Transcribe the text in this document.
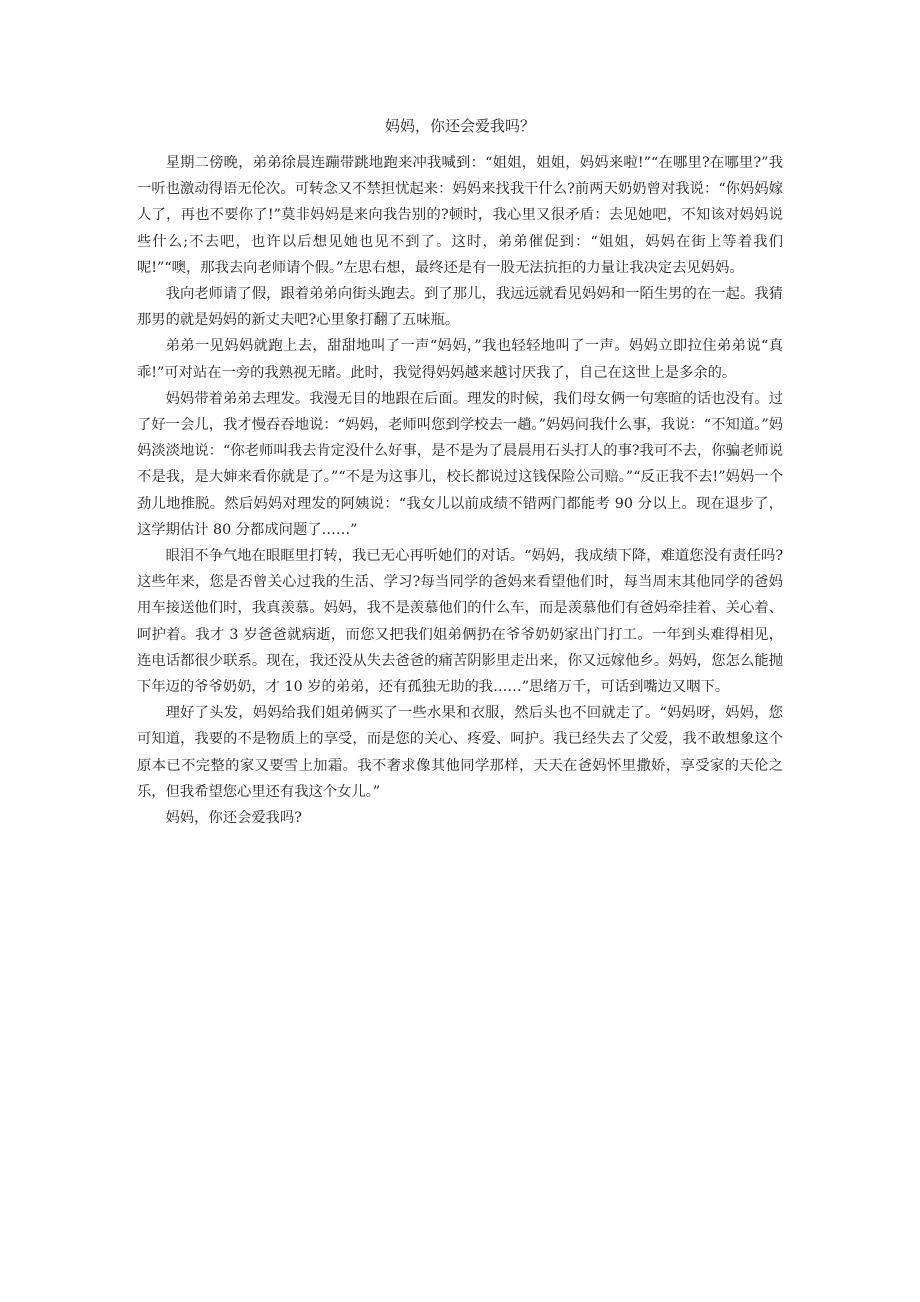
妈妈，你还会爱我吗？

星期二傍晚，弟弟徐晨连蹦带跳地跑来冲我喊到：“姐姐，姐姐，妈妈来啦!”“在哪里?在哪里?”我一听也激动得语无伦次。可转念又不禁担忧起来：妈妈来找我干什么?前两天奶奶曾对我说：“你妈妈嫁人了，再也不要你了!”莫非妈妈是来向我告别的?顿时，我心里又很矛盾：去见她吧，不知该对妈妈说些什么;不去吧，也许以后想见她也见不到了。这时，弟弟催促到：“姐姐，妈妈在街上等着我们呢!”“噢，那我去向老师请个假。”左思右想，最终还是有一股无法抗拒的力量让我决定去见妈妈。

我向老师请了假，跟着弟弟向街头跑去。到了那儿，我远远就看见妈妈和一陌生男的在一起。我猜那男的就是妈妈的新丈夫吧?心里象打翻了五味瓶。

弟弟一见妈妈就跑上去，甜甜地叫了一声“妈妈，”我也轻轻地叫了一声。妈妈立即拉住弟弟说“真乖!”可对站在一旁的我熟视无睹。此时，我觉得妈妈越来越讨厌我了，自己在这世上是多余的。

妈妈带着弟弟去理发。我漫无目的地跟在后面。理发的时候，我们母女俩一句寒暄的话也没有。过了好一会儿，我才慢吞吞地说：“妈妈，老师叫您到学校去一趟。”妈妈问我什么事，我说：“不知道。”妈妈淡淡地说：“你老师叫我去肯定没什么好事，是不是为了晨晨用石头打人的事?我可不去，你骗老师说不是我，是大婶来看你就是了。”“不是为这事儿，校长都说过这钱保险公司赔。”“反正我不去!”妈妈一个劲儿地推脱。然后妈妈对理发的阿姨说：“我女儿以前成绩不错两门都能考 90 分以上。现在退步了，这学期估计 80 分都成问题了……”

眼泪不争气地在眼眶里打转，我已无心再听她们的对话。“妈妈，我成绩下降，难道您没有责任吗?这些年来，您是否曾关心过我的生活、学习?每当同学的爸妈来看望他们时，每当周末其他同学的爸妈用车接送他们时，我真羡慕。妈妈，我不是羡慕他们的什么车，而是羡慕他们有爸妈牵挂着、关心着、呵护着。我才 3 岁爸爸就病逝，而您又把我们姐弟俩扔在爷爷奶奶家出门打工。一年到头难得相见，连电话都很少联系。现在，我还没从失去爸爸的痛苦阴影里走出来，你又远嫁他乡。妈妈，您怎么能抛下年迈的爷爷奶奶，才 10 岁的弟弟，还有孤独无助的我……”思绪万千，可话到嘴边又咽下。

理好了头发，妈妈给我们姐弟俩买了一些水果和衣服，然后头也不回就走了。“妈妈呀，妈妈，您可知道，我要的不是物质上的享受，而是您的关心、疼爱、呵护。我已经失去了父爱，我不敢想象这个原本已不完整的家又要雪上加霜。我不奢求像其他同学那样，天天在爸妈怀里撒娇，享受家的天伦之乐，但我希望您心里还有我这个女儿。”

妈妈，你还会爱我吗?
